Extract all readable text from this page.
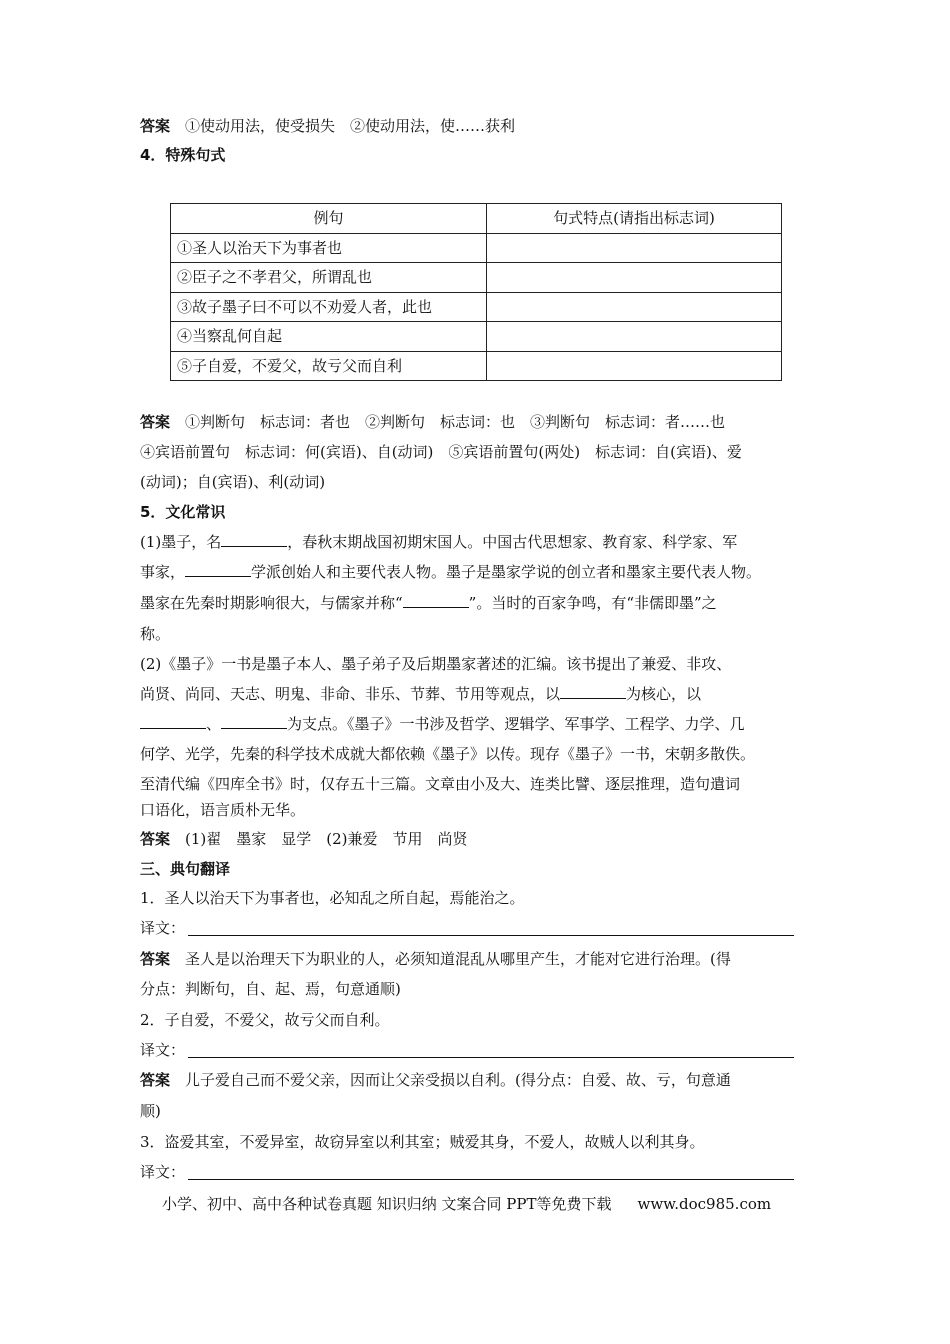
答案　 ①使动用法，使受损失　②使动用法，使……获利
4．特殊句式
例句	句式特点(请指出标志词)
①圣人以治天下为事者也	
②臣子之不孝君父，所谓乱也	
③故子墨子曰不可以不劝爱人者，此也	
④当察乱何自起	
⑤子自爱，不爱父，故亏父而自利	
答案　 ①判断句　标志词：者也　②判断句　标志词：也　③判断句　标志词：者……也
④宾语前置句　标志词：何(宾语)、自(动词)　⑤宾语前置句(两处)　标志词：自(宾语)、爱
(动词)；自(宾语)、利(动词)
5．文化常识
(1)墨子，名	，春秋末期战国初期宋国人。中国古代思想家、教育家、科学家、军
事家，	学派创始人和主要代表人物。墨子是墨家学说的创立者和墨家主要代表人物。
墨家在先秦时期影响很大，与儒家并称“	”。当时的百家争鸣，有“非儒即墨”之
称。
(2)《墨子》一书是墨子本人、墨子弟子及后期墨家著述的汇编。该书提出了兼爱、非攻、
尚贤、尚同、天志、明鬼、非命、非乐、节葬、节用等观点，以	为核心，以
、	为支点。《墨子》一书涉及哲学、逻辑学、军事学、工程学、力学、几
何学、光学，先秦的科学技术成就大都依赖《墨子》以传。现存《墨子》一书，宋朝多散佚。
至清代编《四库全书》时，仅存五十三篇。文章由小及大、连类比譬、逐层推理，造句遣词
口语化，语言质朴无华。
答案　 (1)翟　墨家　显学　(2)兼爱　节用　尚贤
三、典句翻译
1．圣人以治天下为事者也，必知乱之所自起，焉能治之。
译文：
答案　 圣人是以治理天下为职业的人，必须知道混乱从哪里产生，才能对它进行治理。(得
分点：判断句，自、起、焉，句意通顺)
2．子自爱，不爱父，故亏父而自利。
译文：
答案　 儿子爱自己而不爱父亲，因而让父亲受损以自利。(得分点：自爱、故、亏，句意通
顺)
3．盗爱其室，不爱异室，故窃异室以利其室；贼爱其身，不爱人，故贼人以利其身。
译文：
小学、初中、高中各种试卷真题 知识归纳 文案合同 PPT等免费下载 www.doc985.com
